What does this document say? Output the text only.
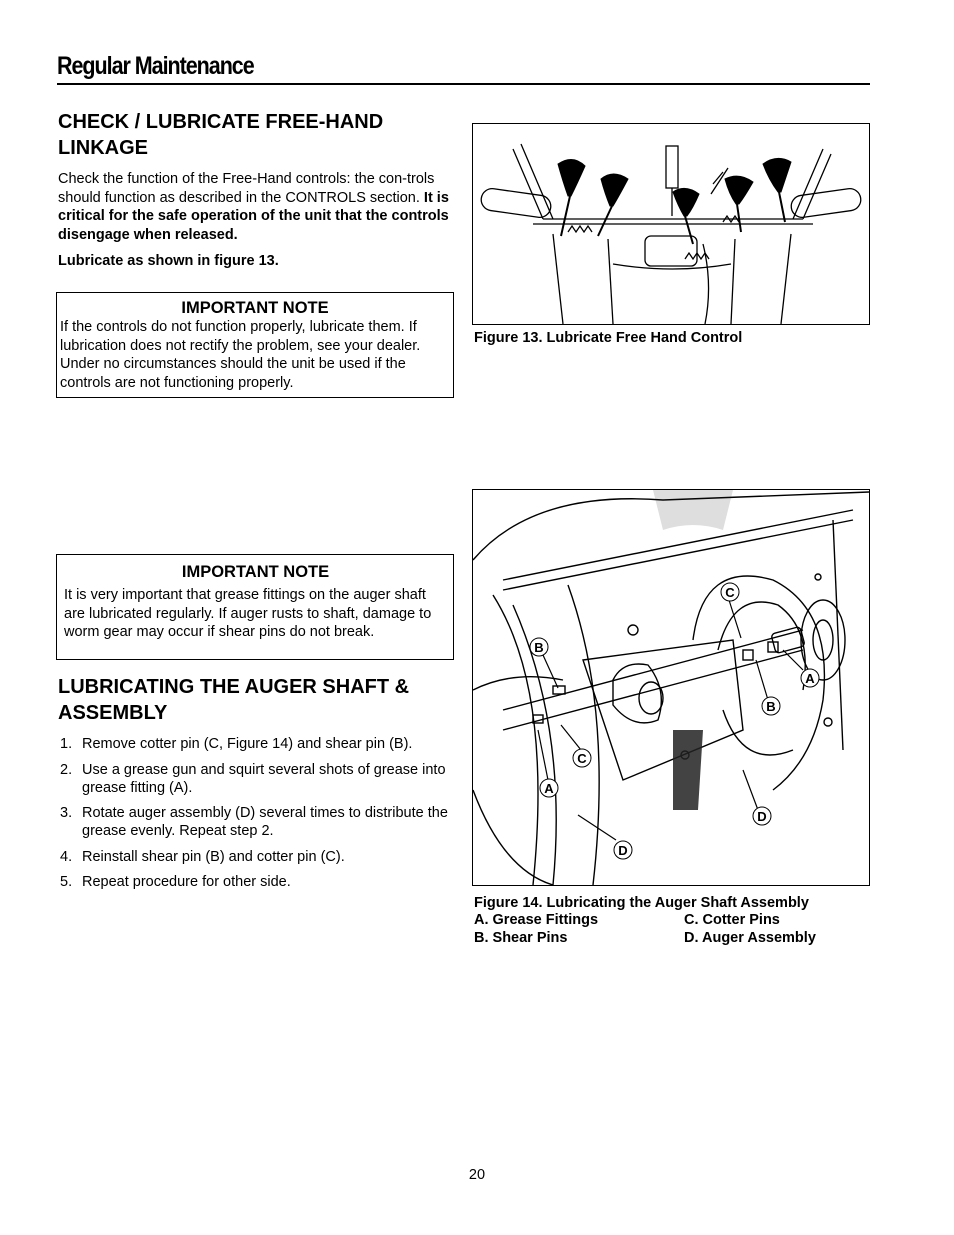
Regular Maintenance
CHECK / LUBRICATE FREE-HAND LINKAGE

Check the function of the Free-Hand controls: the con-trols should function as described in the CONTROLS section. It is critical for the safe operation of the unit that the controls disengage when released.

Lubricate as shown in figure 13.

IMPORTANT NOTE
If the controls do not function properly, lubricate them. If lubrication does not rectify the problem, see your dealer. Under no circumstances should the unit be used if the controls are not functioning properly.
IMPORTANT NOTE
It is very important that grease fittings on the auger shaft are lubricated regularly. If auger rusts to shaft, damage to worm gear may occur if shear pins do not break.
LUBRICATING THE AUGER SHAFT & ASSEMBLY
1. Remove cotter pin (C, Figure 14) and shear pin (B).
2. Use a grease gun and squirt several shots of grease into grease fitting (A).
3. Rotate auger assembly (D) several times to distribute the grease evenly. Repeat step 2.
4. Reinstall shear pin (B) and cotter pin (C).
5. Repeat procedure for other side.
Figure 13. Lubricate Free Hand Control
B
C
A
B
C
A
D
D
Figure 14. Lubricating the Auger Shaft Assembly
A. Grease Fittings	C. Cotter Pins
B. Shear Pins	D. Auger Assembly
20
